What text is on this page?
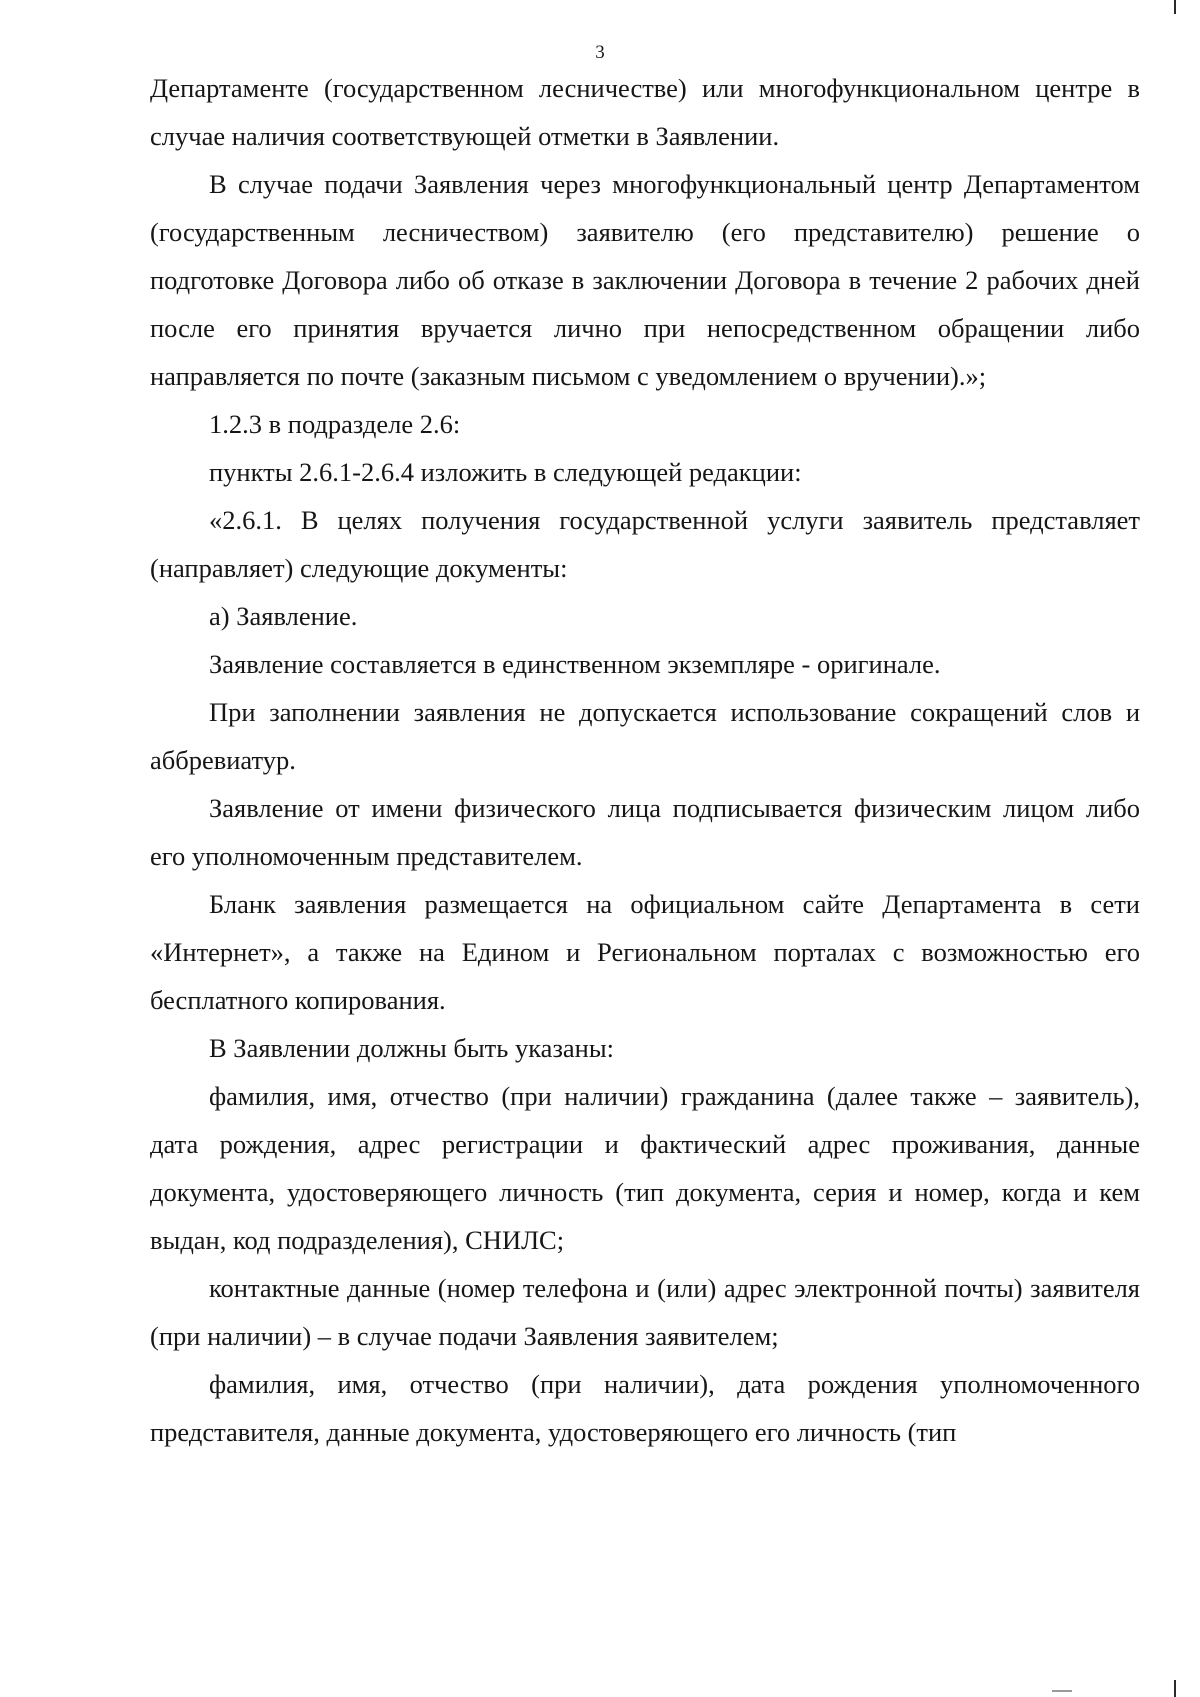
3

Департаменте (государственном лесничестве) или многофункциональном центре в случае наличия соответствующей отметки в Заявлении.

В случае подачи Заявления через многофункциональный центр Департаментом (государственным лесничеством) заявителю (его представителю) решение о подготовке Договора либо об отказе в заключении Договора в течение 2 рабочих дней после его принятия вручается лично при непосредственном обращении либо направляется по почте (заказным письмом с уведомлением о вручении).»;

1.2.3 в подразделе 2.6:

пункты 2.6.1-2.6.4 изложить в следующей редакции:

«2.6.1. В целях получения государственной услуги заявитель представляет (направляет) следующие документы:

а) Заявление.

Заявление составляется в единственном экземпляре - оригинале.

При заполнении заявления не допускается использование сокращений слов и аббревиатур.

Заявление от имени физического лица подписывается физическим лицом либо его уполномоченным представителем.

Бланк заявления размещается на официальном сайте Департамента в сети «Интернет», а также на Едином и Региональном порталах с возможностью его бесплатного копирования.

В Заявлении должны быть указаны:

фамилия, имя, отчество (при наличии) гражданина (далее также – заявитель), дата рождения, адрес регистрации и фактический адрес проживания, данные документа, удостоверяющего личность (тип документа, серия и номер, когда и кем выдан, код подразделения), СНИЛС;

контактные данные (номер телефона и (или) адрес электронной почты) заявителя (при наличии) – в случае подачи Заявления заявителем;

фамилия, имя, отчество (при наличии), дата рождения уполномоченного представителя, данные документа, удостоверяющего его личность (тип
